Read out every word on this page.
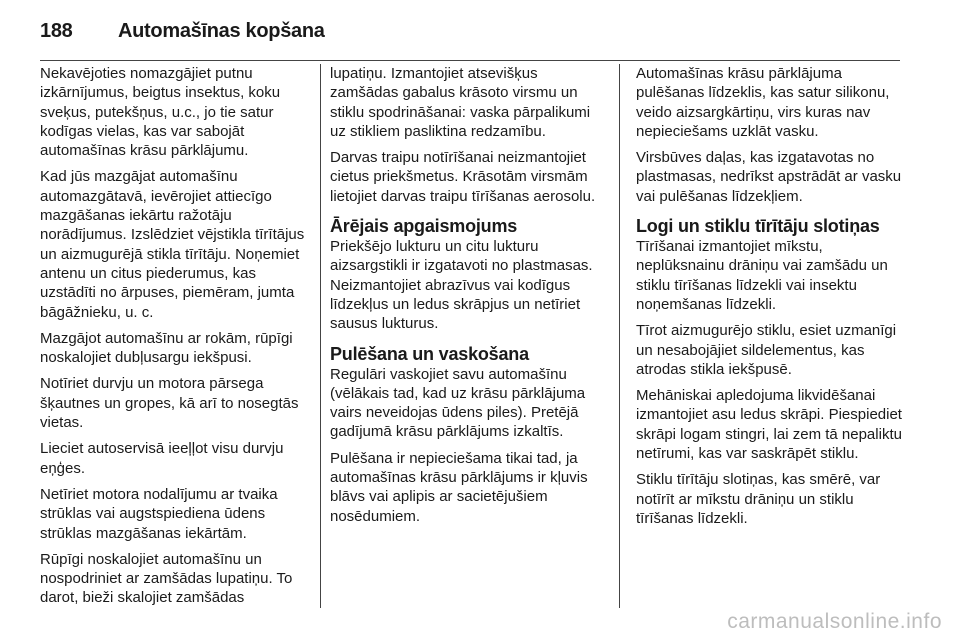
188	Automašīnas kopšana

Nekavējoties nomazgājiet putnu izkārnījumus, beigtus insektus, koku sveķus, putekšņus, u.c., jo tie satur kodīgas vielas, kas var sabojāt automašīnas krāsu pārklājumu.

Kad jūs mazgājat automašīnu automazgātavā, ievērojiet attiecīgo mazgāšanas iekārtu ražotāju norādījumus. Izslēdziet vējstikla tīrītājus un aizmugurējā stikla tīrītāju. Noņemiet antenu un citus piederumus, kas uzstādīti no ārpuses, piemēram, jumta bāgāžnieku, u. c.

Mazgājot automašīnu ar rokām, rūpīgi noskalojiet dubļusargu iekšpusi.

Notīriet durvju un motora pārsega šķautnes un gropes, kā arī to nosegtās vietas.

Lieciet autoservisā ieeļļot visu durvju eņģes.

Netīriet motora nodalījumu ar tvaika strūklas vai augstspiediena ūdens strūklas mazgāšanas iekārtām.

Rūpīgi noskalojiet automašīnu un nospodriniet ar zamšādas lupatiņu. To darot, bieži skalojiet zamšādas

lupatiņu. Izmantojiet atsevišķus zamšādas gabalus krāsoto virsmu un stiklu spodrināšanai: vaska pārpalikumi uz stikliem pasliktina redzamību.

Darvas traipu notīrīšanai neizmantojiet cietus priekšmetus. Krāsotām virsmām lietojiet darvas traipu tīrīšanas aerosolu.

Ārējais apgaismojums

Priekšējo lukturu un citu lukturu aizsargstikli ir izgatavoti no plastmasas. Neizmantojiet abrazīvus vai kodīgus līdzekļus un ledus skrāpjus un netīriet sausus lukturus.

Pulēšana un vaskošana

Regulāri vaskojiet savu automašīnu (vēlākais tad, kad uz krāsu pārklājuma vairs neveidojas ūdens piles). Pretējā gadījumā krāsu pārklājums izkaltīs.

Pulēšana ir nepieciešama tikai tad, ja automašīnas krāsu pārklājums ir kļuvis blāvs vai aplipis ar sacietējušiem nosēdumiem.

Automašīnas krāsu pārklājuma pulēšanas līdzeklis, kas satur silikonu, veido aizsargkārtiņu, virs kuras nav nepieciešams uzklāt vasku.

Virsbūves daļas, kas izgatavotas no plastmasas, nedrīkst apstrādāt ar vasku vai pulēšanas līdzekļiem.

Logi un stiklu tīrītāju slotiņas

Tīrīšanai izmantojiet mīkstu, neplūksnainu drāniņu vai zamšādu un stiklu tīrīšanas līdzekli vai insektu noņemšanas līdzekli.

Tīrot aizmugurējo stiklu, esiet uzmanīgi un nesabojājiet sildelementus, kas atrodas stikla iekšpusē.

Mehāniskai apledojuma likvidēšanai izmantojiet asu ledus skrāpi. Piespiediet skrāpi logam stingri, lai zem tā nepaliktu netīrumi, kas var saskrāpēt stiklu.

Stiklu tīrītāju slotiņas, kas smērē, var notīrīt ar mīkstu drāniņu un stiklu tīrīšanas līdzekli.

carmanualsonline.info
